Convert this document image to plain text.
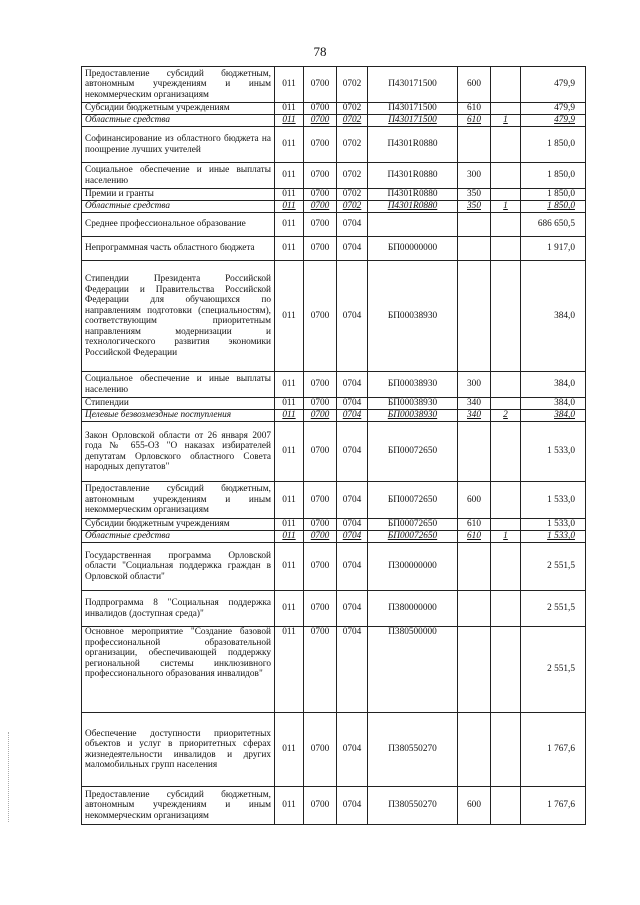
78
Предоставление субсидий бюджетным, автономным учреждениям и иным некоммерческим организациям	011	0700	0702	П430171500	600		479,9
Субсидии бюджетным учреждениям	011	0700	0702	П430171500	610		479,9
Областные средства	011	0700	0702	П430171500	610	1	479,9
Софинансирование из областного бюджета на поощрение лучших учителей	011	0700	0702	П4301R0880			1 850,0
Социальное обеспечение и иные выплаты населению	011	0700	0702	П4301R0880	300		1 850,0
Премии и гранты	011	0700	0702	П4301R0880	350		1 850,0
Областные средства	011	0700	0702	П4301R0880	350	1	1 850,0
Среднее профессиональное образование	011	0700	0704				686 650,5
Непрограммная часть областного бюджета	011	0700	0704	БП00000000			1 917,0
Стипендии Президента Российской Федерации и Правительства Российской Федерации для обучающихся по направлениям подготовки (специальностям), соответствующим приоритетным направлениям модернизации и технологического развития экономики Российской Федерации	011	0700	0704	БП00038930			384,0
Социальное обеспечение и иные выплаты населению	011	0700	0704	БП00038930	300		384,0
Стипендии	011	0700	0704	БП00038930	340		384,0
Целевые безвозмездные поступления	011	0700	0704	БП00038930	340	2	384,0
Закон Орловской области от 26 января 2007 года № 655-ОЗ "О наказах избирателей депутатам Орловского областного Совета народных депутатов"	011	0700	0704	БП00072650			1 533,0
Предоставление субсидий бюджетным, автономным учреждениям и иным некоммерческим организациям	011	0700	0704	БП00072650	600		1 533,0
Субсидии бюджетным учреждениям	011	0700	0704	БП00072650	610		1 533,0
Областные средства	011	0700	0704	БП00072650	610	1	1 533,0
Государственная программа Орловской области "Социальная поддержка граждан в Орловской области"	011	0700	0704	П300000000			2 551,5
Подпрограмма 8 "Социальная поддержка инвалидов (доступная среда)"	011	0700	0704	П380000000			2 551,5
Основное мероприятие "Создание базовой профессиональной образовательной организации, обеспечивающей поддержку региональной системы инклюзивного профессионального образования инвалидов"	011	0700	0704	П380500000			2 551,5
Обеспечение доступности приоритетных объектов и услуг в приоритетных сферах жизнедеятельности инвалидов и других маломобильных групп населения	011	0700	0704	П380550270			1 767,6
Предоставление субсидий бюджетным, автономным учреждениям и иным некоммерческим организациям	011	0700	0704	П380550270	600		1 767,6
